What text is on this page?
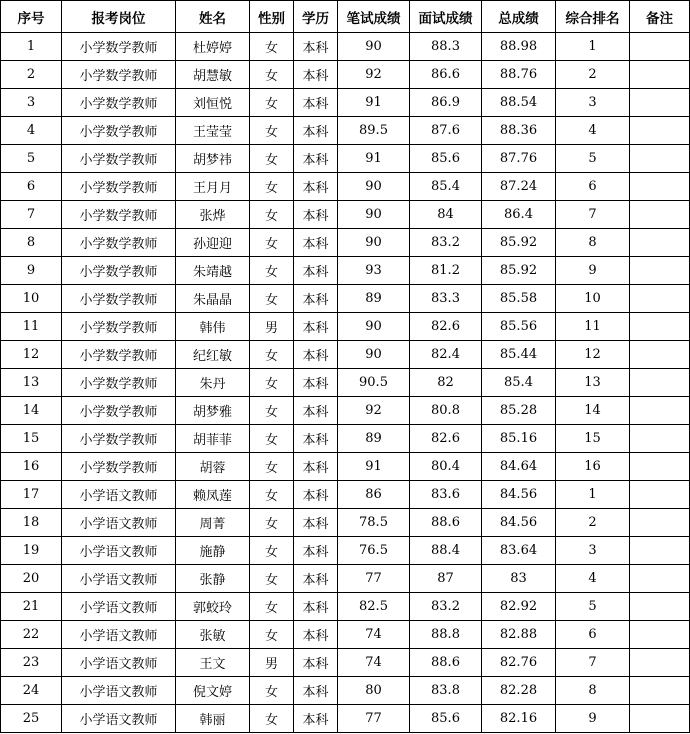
序号	报考岗位	姓名	性别	学历	笔试成绩	面试成绩	总成绩	综合排名	备注
1	小学数学教师	杜婷婷	女	本科	90	88.3	88.98	1	
2	小学数学教师	胡慧敏	女	本科	92	86.6	88.76	2	
3	小学数学教师	刘恒悦	女	本科	91	86.9	88.54	3	
4	小学数学教师	王莹莹	女	本科	89.5	87.6	88.36	4	
5	小学数学教师	胡梦祎	女	本科	91	85.6	87.76	5	
6	小学数学教师	王月月	女	本科	90	85.4	87.24	6	
7	小学数学教师	张烨	女	本科	90	84	86.4	7	
8	小学数学教师	孙迎迎	女	本科	90	83.2	85.92	8	
9	小学数学教师	朱靖越	女	本科	93	81.2	85.92	9	
10	小学数学教师	朱晶晶	女	本科	89	83.3	85.58	10	
11	小学数学教师	韩伟	男	本科	90	82.6	85.56	11	
12	小学数学教师	纪红敏	女	本科	90	82.4	85.44	12	
13	小学数学教师	朱丹	女	本科	90.5	82	85.4	13	
14	小学数学教师	胡梦雅	女	本科	92	80.8	85.28	14	
15	小学数学教师	胡菲菲	女	本科	89	82.6	85.16	15	
16	小学数学教师	胡蓉	女	本科	91	80.4	84.64	16	
17	小学语文教师	赖凤莲	女	本科	86	83.6	84.56	1	
18	小学语文教师	周菁	女	本科	78.5	88.6	84.56	2	
19	小学语文教师	施静	女	本科	76.5	88.4	83.64	3	
20	小学语文教师	张静	女	本科	77	87	83	4	
21	小学语文教师	郭蛟玲	女	本科	82.5	83.2	82.92	5	
22	小学语文教师	张敏	女	本科	74	88.8	82.88	6	
23	小学语文教师	王文	男	本科	74	88.6	82.76	7	
24	小学语文教师	倪文婷	女	本科	80	83.8	82.28	8	
25	小学语文教师	韩丽	女	本科	77	85.6	82.16	9	
